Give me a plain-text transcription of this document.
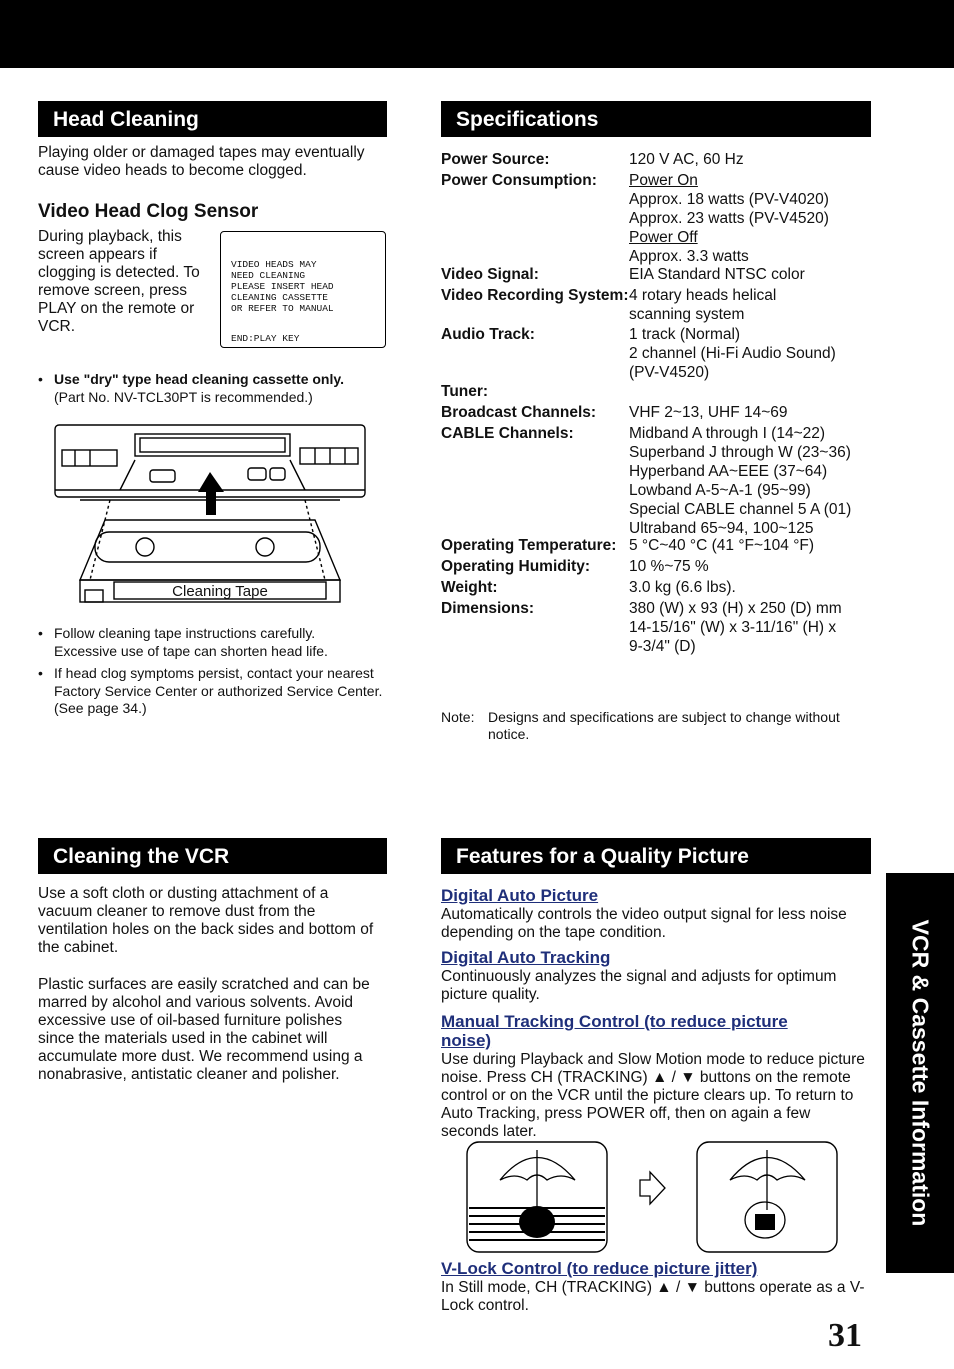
Head Cleaning

Playing older or damaged tapes may eventually cause video heads to become clogged.

Video Head Clog Sensor

During playback, this screen appears if clogging is detected. To remove screen, press PLAY on the remote or VCR.

VIDEO HEADS MAY
NEED CLEANING
PLEASE INSERT HEAD
CLEANING CASSETTE
OR REFER TO MANUAL
END:PLAY KEY
• Use "dry" type head cleaning cassette only.
(Part No. NV-TCL30PT is recommended.)
Cleaning Tape
• Follow cleaning tape instructions carefully. Excessive use of tape can shorten head life.
• If head clog symptoms persist, contact your nearest Factory Service Center or authorized Service Center. (See page 34.)
Specifications
Power Source:	120 V AC, 60 Hz
Power Consumption: Power On
Approx. 18 watts (PV-V4020)
Approx. 23 watts (PV-V4520)
Power Off
Approx. 3.3 watts
Video Signal:	EIA Standard NTSC color
Video Recording System: 4 rotary heads helical
scanning system
Audio Track:	1 track (Normal)
2 channel (Hi-Fi Audio Sound)
(PV-V4520)
Tuner:
Broadcast Channels: VHF 2~13, UHF 14~69
CABLE Channels:	Midband A through I (14~22)
Superband J through W (23~36)
Hyperband AA~EEE (37~64)
Lowband A-5~A-1 (95~99)
Special CABLE channel 5 A (01)
Ultraband 65~94, 100~125
Operating Temperature: 5 °C~40 °C (41 °F~104 °F)
Operating Humidity:	10 %~75 %
Weight:	3.0 kg (6.6 lbs).
Dimensions:	380 (W) x 93 (H) x 250 (D) mm
14-15/16" (W) x 3-11/16" (H) x
9-3/4" (D)
Note: Designs and specifications are subject to change without notice.
Cleaning the VCR

Use a soft cloth or dusting attachment of a vacuum cleaner to remove dust from the ventilation holes on the back sides and bottom of the cabinet.

Plastic surfaces are easily scratched and can be marred by alcohol and various solvents. Avoid excessive use of oil-based furniture polishes since the materials used in the cabinet will accumulate more dust. We recommend using a nonabrasive, antistatic cleaner and polisher.

Features for a Quality Picture
Digital Auto Picture

Automatically controls the video output signal for less noise depending on the tape condition.

Digital Auto Tracking

Continuously analyzes the signal and adjusts for optimum picture quality.

Manual Tracking Control (to reduce picture noise)

Use during Playback and Slow Motion mode to reduce picture noise. Press CH (TRACKING) ▲ / ▼ buttons on the remote control or on the VCR until the picture clears up. To return to Auto Tracking, press POWER off, then on again a few seconds later.

V-Lock Control (to reduce picture jitter)

In Still mode, CH (TRACKING) ▲ / ▼ buttons operate as a V-Lock control.

VCR & Cassette Information
31
